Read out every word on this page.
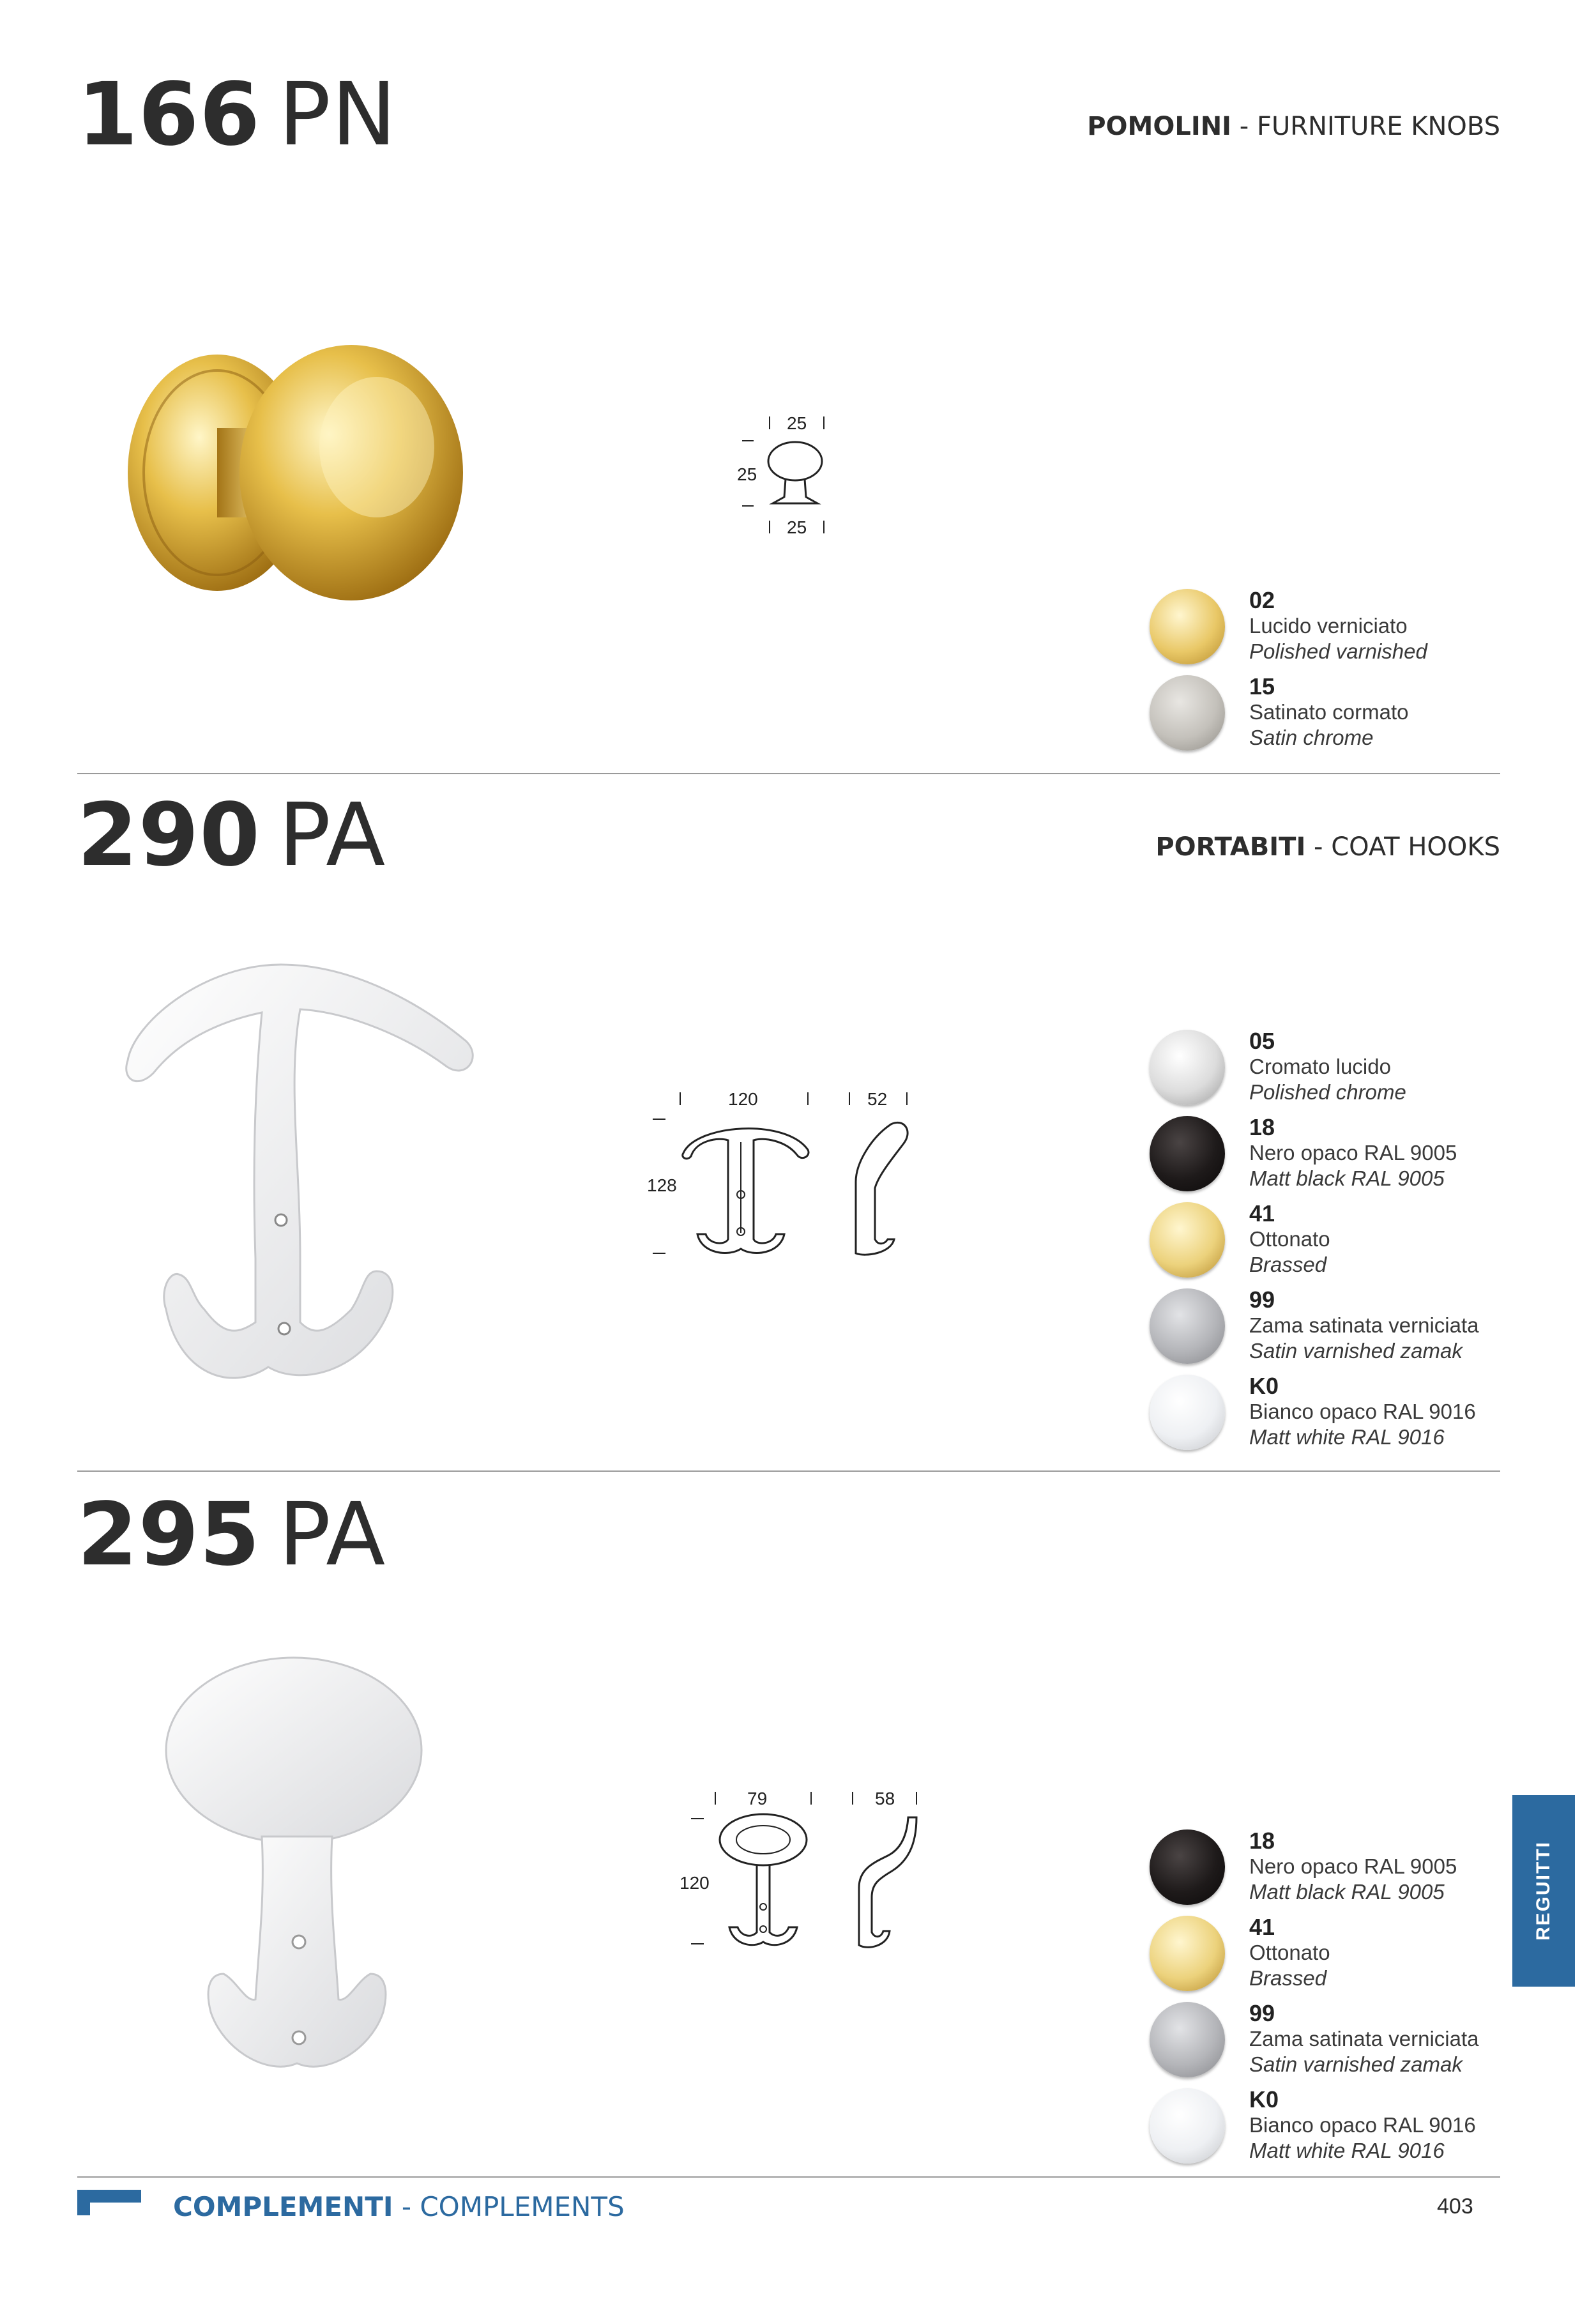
166 PN	POMOLINI - FURNITURE KNOBS
25
25
25
02
Lucido verniciato
Polished varnished
15
Satinato cormato
Satin chrome
290 PA	PORTABITI - COAT HOOKS
120	52
128
05
Cromato lucido
Polished chrome
18
Nero opaco RAL 9005
Matt black RAL 9005
41
Ottonato
Brassed
99
Zama satinata verniciata
Satin varnished zamak
K0
Bianco opaco RAL 9016
Matt white RAL 9016
295 PA
79	58
120
18
Nero opaco RAL 9005
Matt black RAL 9005
41
Ottonato
Brassed
99
Zama satinata verniciata
Satin varnished zamak
K0
Bianco opaco RAL 9016
Matt white RAL 9016
REGUITTI
COMPLEMENTI - COMPLEMENTS	403
